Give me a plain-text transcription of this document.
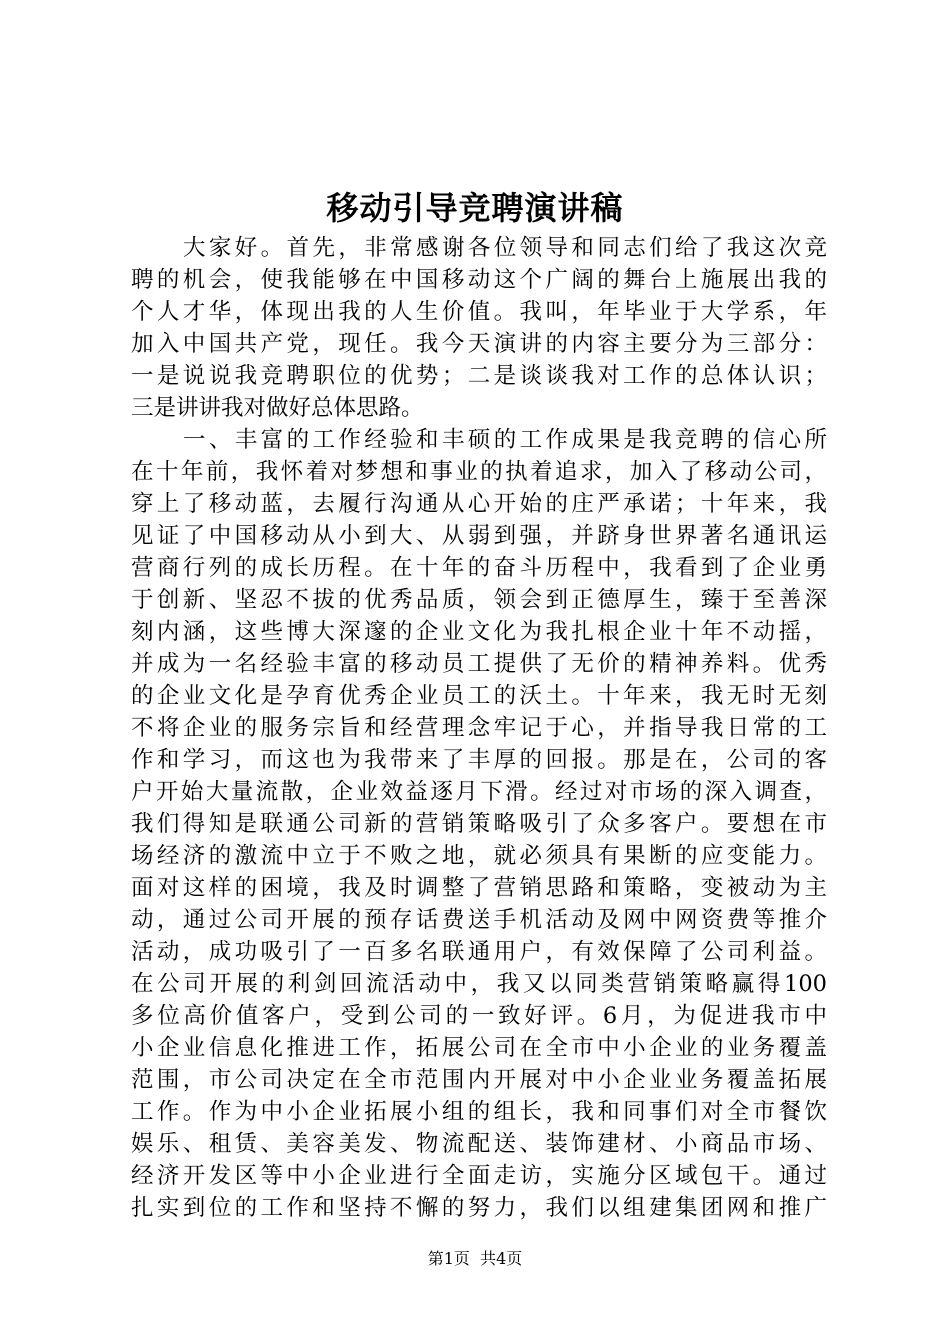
移动引导竞聘演讲稿
大家好。首先，非常感谢各位领导和同志们给了我这次竞
聘的机会，使我能够在中国移动这个广阔的舞台上施展出我的
个人才华，体现出我的人生价值。我叫，年毕业于大学系，年
加入中国共产党，现任。我今天演讲的内容主要分为三部分：
一是说说我竞聘职位的优势；二是谈谈我对工作的总体认识；
三是讲讲我对做好总体思路。
一、丰富的工作经验和丰硕的工作成果是我竞聘的信心所
在十年前，我怀着对梦想和事业的执着追求，加入了移动公司，
穿上了移动蓝，去履行沟通从心开始的庄严承诺；十年来，我
见证了中国移动从小到大、从弱到强，并跻身世界著名通讯运
营商行列的成长历程。在十年的奋斗历程中，我看到了企业勇
于创新、坚忍不拔的优秀品质，领会到正德厚生，臻于至善深
刻内涵，这些博大深邃的企业文化为我扎根企业十年不动摇，
并成为一名经验丰富的移动员工提供了无价的精神养料。优秀
的企业文化是孕育优秀企业员工的沃土。十年来，我无时无刻
不将企业的服务宗旨和经营理念牢记于心，并指导我日常的工
作和学习，而这也为我带来了丰厚的回报。那是在，公司的客
户开始大量流散，企业效益逐月下滑。经过对市场的深入调查，
我们得知是联通公司新的营销策略吸引了众多客户。要想在市
场经济的激流中立于不败之地，就必须具有果断的应变能力。
面对这样的困境，我及时调整了营销思路和策略，变被动为主
动，通过公司开展的预存话费送手机活动及网中网资费等推介
活动，成功吸引了一百多名联通用户，有效保障了公司利益。
在公司开展的利剑回流活动中，我又以同类营销策略赢得100
多位高价值客户，受到公司的一致好评。6月，为促进我市中
小企业信息化推进工作，拓展公司在全市中小企业的业务覆盖
范围，市公司决定在全市范围内开展对中小企业业务覆盖拓展
工作。作为中小企业拓展小组的组长，我和同事们对全市餐饮
娱乐、租赁、美容美发、物流配送、装饰建材、小商品市场、
经济开发区等中小企业进行全面走访，实施分区域包干。通过
扎实到位的工作和坚持不懈的努力，我们以组建集团网和推广
第1页  共4页
